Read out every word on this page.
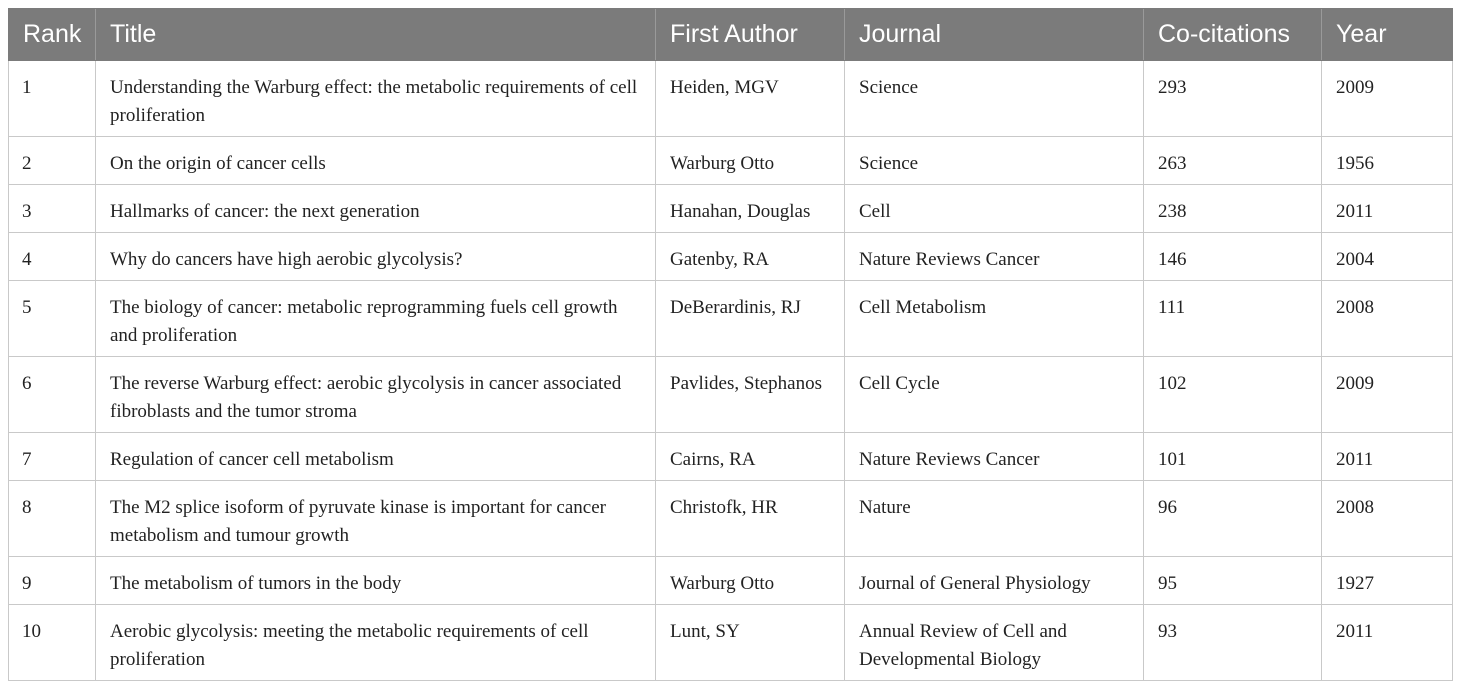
Rank	Title	First Author	Journal	Co-citations	Year
1	Understanding the Warburg effect: the metabolic requirements of cell proliferation	Heiden, MGV	Science	293	2009
2	On the origin of cancer cells	Warburg Otto	Science	263	1956
3	Hallmarks of cancer: the next generation	Hanahan, Douglas	Cell	238	2011
4	Why do cancers have high aerobic glycolysis?	Gatenby, RA	Nature Reviews Cancer	146	2004
5	The biology of cancer: metabolic reprogramming fuels cell growth and proliferation	DeBerardinis, RJ	Cell Metabolism	111	2008
6	The reverse Warburg effect: aerobic glycolysis in cancer associated fibroblasts and the tumor stroma	Pavlides, Stephanos	Cell Cycle	102	2009
7	Regulation of cancer cell metabolism	Cairns, RA	Nature Reviews Cancer	101	2011
8	The M2 splice isoform of pyruvate kinase is important for cancer metabolism and tumour growth	Christofk, HR	Nature	96	2008
9	The metabolism of tumors in the body	Warburg Otto	Journal of General Physiology	95	1927
10	Aerobic glycolysis: meeting the metabolic requirements of cell proliferation	Lunt, SY	Annual Review of Cell and Developmental Biology	93	2011
